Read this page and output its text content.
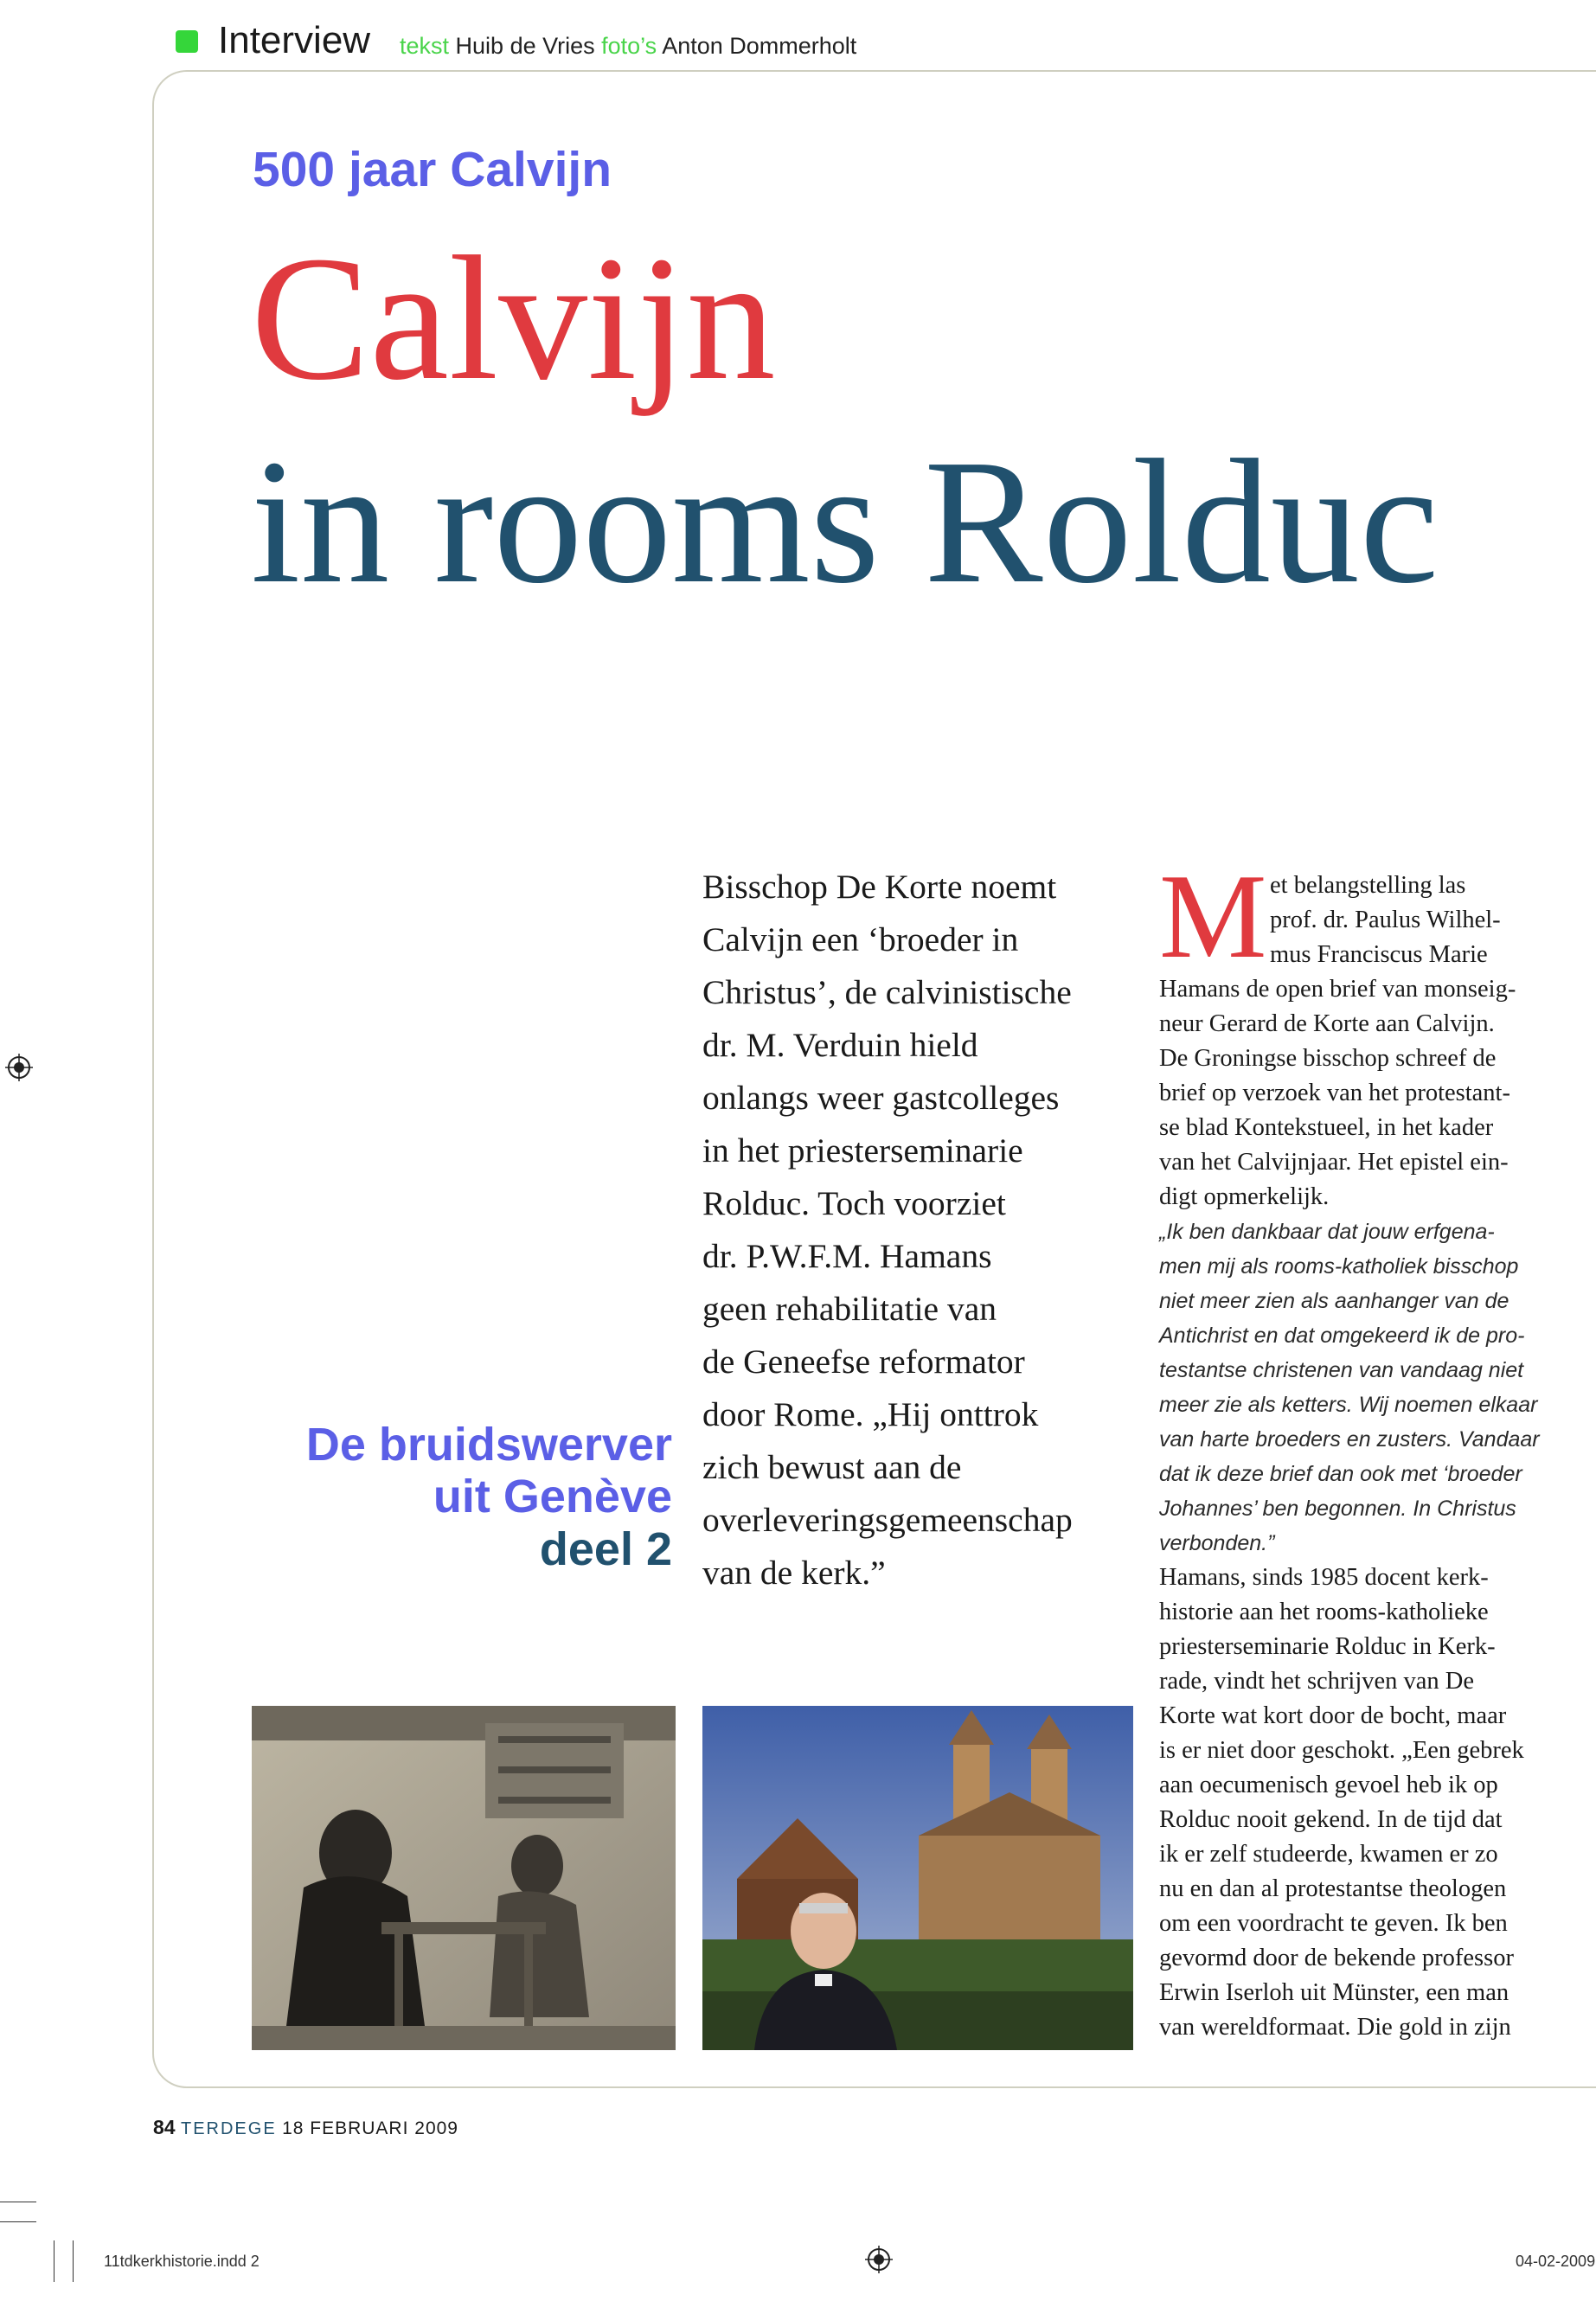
Interview tekst Huib de Vries foto’s Anton Dommerholt
500 jaar Calvijn
Calvijn
in rooms Rolduc
De bruidswerver
uit Genève
deel 2
Bisschop De Korte noemt
Calvijn een ‘broeder in
Christus’, de calvinistische
dr. M. Verduin hield
onlangs weer gastcolleges
in het priesterseminarie
Rolduc. Toch voorziet
dr. P.W.F.M. Hamans
geen rehabilitatie van
de Geneefse reformator
door Rome. „Hij onttrok
zich bewust aan de
overleveringsgemeenschap
van de kerk.”
M et belangstelling las
prof. dr. Paulus Wilhel-
mus Franciscus Marie
Hamans de open brief van monseig-
neur Gerard de Korte aan Calvijn.
De Groningse bisschop schreef de
brief op verzoek van het protestant-
se blad Kontekstueel, in het kader
van het Calvijnjaar. Het epistel ein-
digt opmerkelijk.
„Ik ben dankbaar dat jouw erfgena-
men mij als rooms-katholiek bisschop
niet meer zien als aanhanger van de
Antichrist en dat omgekeerd ik de pro-
testantse christenen van vandaag niet
meer zie als ketters. Wij noemen elkaar
van harte broeders en zusters. Vandaar
dat ik deze brief dan ook met ‘broeder
Johannes’ ben begonnen. In Christus
verbonden.”
Hamans, sinds 1985 docent kerk-
historie aan het rooms-katholieke
priesterseminarie Rolduc in Kerk-
rade, vindt het schrijven van De
Korte wat kort door de bocht, maar
is er niet door geschokt. „Een gebrek
aan oecumenisch gevoel heb ik op
Rolduc nooit gekend. In de tijd dat
ik er zelf studeerde, kwamen er zo
nu en dan al protestantse theologen
om een voordracht te geven. Ik ben
gevormd door de bekende professor
Erwin Iserloh uit Münster, een man
van wereldformaat. Die gold in zijn
84 TERDEGE 18 FEBRUARI 2009
11tdkerkhistorie.indd 2	04-02-2009
